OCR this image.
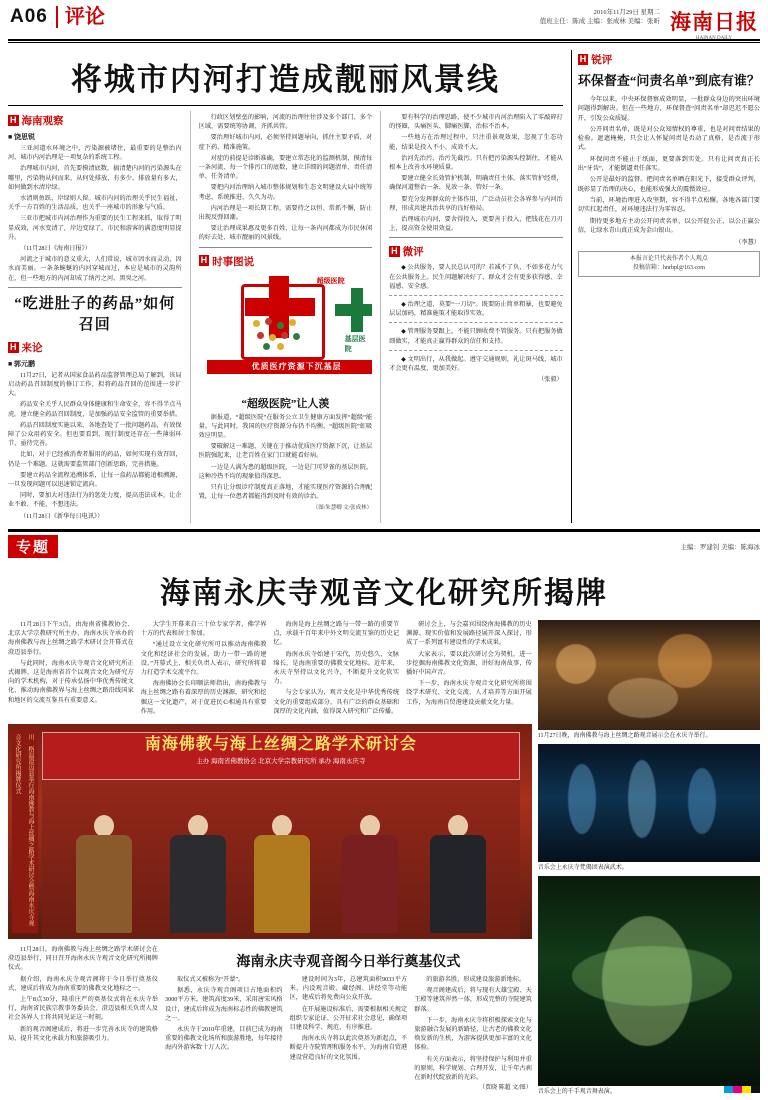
A06 评论	2016年11月29日 星期二
值班主任：陈成 主编：张成林 美编：张昕 海南日报
HAINAN DAILY
将城市内河打造成靓丽风景线
H 海南观察
■ 饶思锐

三亚河道水环境之中，污染源被堵住，最重要的是整治内河，城市内河治理是一项复杂的系统工程。

治理城市内河，首先要摸清底数，搞清楚内河的污染源头在哪里，污染物从何而来，从何处排放，有多少，排放量有多大，如何做到水清岸绿。

水清则鱼跃，岸绿则人留。城市内河的治理关乎民生福祉，关乎一方百姓的生活品质，也关乎一座城市的形象与气质。

三亚市把城市内河治理作为重要的民生工程来抓，取得了明显成效，河水变清了，岸边变绿了，市民和游客的满意度明显提升。

（11月28日《海南日报》）

河流之于城市的意义重大，人们常说，城市因水而灵动，因水而美丽。一条条蜿蜒的内河穿城而过，本应是城市的灵韵所在，但一些地方的内河却成了纳污之河、黑臭之河。

“吃进肚子的药品”如何召回
H 来论
■ 郭元鹏

11月27日，记者从国家食品药品监督管理总局了解到，该局启动药品召回制度的修订工作，拟将药品召回的范围进一步扩大。

药品安全关乎人民群众身体健康和生命安全，容不得半点马虎。建立健全药品召回制度，是加强药品安全监管的重要举措。

药品召回制度实施以来，各地查处了一批问题药品，有效保障了公众用药安全。但也要看到，现行制度还存在一些薄弱环节，亟待完善。

比如，对于已经被消费者服用的药品，如何实现有效召回，仍是一个难题。这就需要监管部门创新思路，完善措施。

要建立药品全流程追溯体系，让每一盒药品都能追根溯源，一旦发现问题可以迅速锁定流向。

同时，要加大对违法行为的惩处力度，提高违法成本，让企业不敢、不能、不想违法。

（11月28日《新华每日电讯》）

行政区划壁垒的影响，河流的治理往往涉及多个部门、多个区域，需要统筹协调、齐抓共管。

要治理好城市内河，必须坚持问题导向，抓住主要矛盾，对症下药，精准施策。

对症的前提是诊断准确，要建立常态化的监测机制，摸清每一条河流、每一个排污口的底数，建立详细的问题清单、责任清单、任务清单。

要把内河治理纳入城市整体规划和生态文明建设大局中统筹考虑，系统推进、久久为功。

内河治理是一项长期工程，需要持之以恒、常抓不懈，防止出现反弹回潮。

要让治理成果惠及更多百姓，让每一条内河都成为市民休闲的好去处、城市靓丽的风景线。

H 时事图说
超级医院
基层医院
优质医疗资源下沉基层
“超级医院”让人羡

据报道，“超级医院”在服务公立卫生健康方面发挥“超级”能量。与此同时，我国的医疗资源分布仍不均衡，“超级医院”虹吸效应明显。

要破解这一难题，关键在于推动优质医疗资源下沉，让基层医院强起来，让老百姓在家门口就能看好病。

一边是人满为患的超级医院，一边是门可罗雀的基层医院，这种冷热不均的现象值得深思。

只有让分级诊疗制度真正落地，才能实现医疗资源的合理配置，让每一位患者都能得到及时有效的诊治。

（图/朱慧卿 文/张成林）

要有科学的治理思路，使不少城市内河治理陷入了零敲碎打的怪圈，头痛医头、脚痛医脚，治标不治本。

一些地方在治理过程中，只注重景观效果，忽视了生态功能，结果是投入不小、成效不大。

治河先治污，治污先截污。只有把污染源头控制住，才能从根本上改善水环境质量。

要建立健全长效管护机制，明确责任主体，落实管护经费，确保河道整治一条、见效一条、管好一条。

要充分发挥群众的主体作用，广泛动员社会各界参与内河治理，形成共建共治共享的良好格局。

治理城市内河，要舍得投入，更要善于投入，把钱花在刀刃上，提高资金使用效益。

H 微评

◆ 公共服务，要人民总认可的？若减不了负，不如多花力气在公共服务上。民生问题解决好了，群众才会有更多获得感、幸福感、安全感。

◆ 治理之道，莫要“一刀切”。既要防止简单粗暴，也要避免层层加码，精准施策才能取得实效。

◆ 管理服务要跟上，不能只顾收费不管服务。只有把服务做细做实，才能真正赢得群众的信任和支持。

◆ 文明出行，从我做起。遵守交通规则，礼让斑马线，城市才会更有温度、更加美好。

（张毅）
H 锐评
环保督查“问责名单”到底有谁？

今年以来，中央环保督察成效明显，一批群众身边的突出环境问题得到解决。但在一些地方，环保督查“问责名单”却迟迟不愿公开，引发公众质疑。

公开问责名单，既是对公众知情权的尊重，也是对问责结果的检验。遮遮掩掩，只会让人怀疑问责是否动了真格、是否流于形式。

环保问责不能止于纸面，更要落到实处。只有让问责真正长出“牙齿”，才能倒逼责任落实。

公开是最好的监督。把问责名单晒在阳光下，接受群众评判，既彰显了治理的决心，也能形成强大的震慑效应。

当前，环境治理进入攻坚期，容不得半点松懈。各地各部门要切实扛起责任，对环境违法行为零容忍。

期待更多地方主动公开问责名单，以公开促公正，以公正赢公信，让绿水青山真正成为金山银山。

（李慧）
本报言论只代表作者个人观点
投稿信箱：hnrbpl@163.com
专题	主编：罗建钊 美编：陈海冰
海南永庆寺观音文化研究所揭牌

11月28日下午3点，由海南省佛教协会、北京大学宗教研究所主办、海南永庆寺承办的海南佛教与海上丝绸之路学术研讨会开幕式在澄迈县举行。

与此同时，海南永庆寺观音文化研究所正式揭牌，这是海南省首个以观音文化为研究方向的学术机构，对于传承弘扬中华优秀传统文化、推动海南佛教界与海上丝绸之路沿线国家和地区的交流互鉴具有重要意义。

大学生开幕来自三十位专家学者、佛学界十方的代表和居士参加。

“通过设立文化研究所可以推动海南佛教文化和经济社会的发展，助力一带一路的建设。”开幕式上，相关负责人表示，研究所将着力打造学术交流平台。

海南佛协会长印顺法师指出，南海佛教与海上丝绸之路有着深厚的历史渊源，研究和挖掘这一文化遗产，对于促进民心相通具有重要作用。

海南是海上丝绸之路与一带一路的重要节点，承载千百年来中外文明交流互鉴的历史记忆。

海南永庆寺始建于宋代，历史悠久、文脉绵长，是海南重要的佛教文化地标。近年来，永庆寺坚持以文化兴寺，不断提升文化软实力。

与会专家认为，观音文化是中华优秀传统文化的重要组成部分，具有广泛的群众基础和深厚的文化内涵，值得深入研究和广泛传播。

研讨会上，与会嘉宾围绕南海佛教的历史渊源、现实价值和发展路径展开深入探讨，形成了一系列富有建设性的学术成果。

大家表示，要以此次研讨会为契机，进一步挖掘海南佛教文化资源，讲好海南故事，传播好中国声音。

下一步，海南永庆寺观音文化研究所将围绕学术研究、文化交流、人才培养等方面开展工作，为海南自贸港建设贡献文化力量。

川 格温澄迈县举行海南佛教与海上丝绸之路学术研讨会暨海南永庆寺观音文化研究所揭牌仪式	南海佛教与海上丝绸之路学术研讨会
主办 海南省佛教协会 北京大学宗教研究所 承办 海南永庆寺

11月28日，海南佛教与海上丝绸之路学术研讨会在澄迈县举行，同日召开海南永庆寺观音文化研究所揭牌仪式。

据介绍，海南永庆寺观音阁将于今日举行奠基仪式，建成后将成为海南重要的佛教文化地标之一。

上午8点30分，隆重庄严的奠基仪式将在永庆寺举行，海南省民族宗教事务委员会、澄迈县相关负责人及社会各界人士将共同见证这一时刻。

新的观音阁建成后，将进一步完善永庆寺的建筑格局，提升其文化承载力和旅游吸引力。

海南永庆寺观音阁今日举行奠基仪式

取仪式又被称为“开蒙”。

据悉，永庆寺观音阁项目占地面积约3000平方米，建筑高度39米，采用唐宋风格设计，建成后将成为海南标志性的佛教建筑之一。

永庆寺于2010年重建，目前已成为海南重要的佛教文化场所和旅游胜地，每年接待海内外游客数十万人次。

建设时间为3年，总建筑面积9033平方米，内设观音殿、藏经阁、讲经堂等功能区，建成后将免费向公众开放。

在开展施设标准后，需要根据相关规定组织专家论证、公开征求社会意见，确保项目建设科学、规范、有序推进。

海南永庆寺将以此次奠基为新起点，不断提升寺院管理和服务水平，为海南自贸港建设营造良好的文化氛围。

的旅游名胜，形成建设旅游新地标。

观音阁建成后，将与现有大雄宝殿、天王殿等建筑浑然一体，形成完整的寺院建筑群落。

下一步，海南永庆寺将积极探索文化与旅游融合发展的新路径，让古老的佛教文化焕发新的生机，为游客提供更加丰富的文化体验。

有关方面表示，将坚持保护与利用并重的原则，科学规划、合理开发，让千年古刹在新时代绽放新的光彩。

（贾晓 陈超 文/图）
11月27日晚，海南佛教与海上丝绸之路观音展示会在永庆寺举行。
音乐会上永庆寺梵偈团表演武术。
音乐会上的千手观音舞表演。
